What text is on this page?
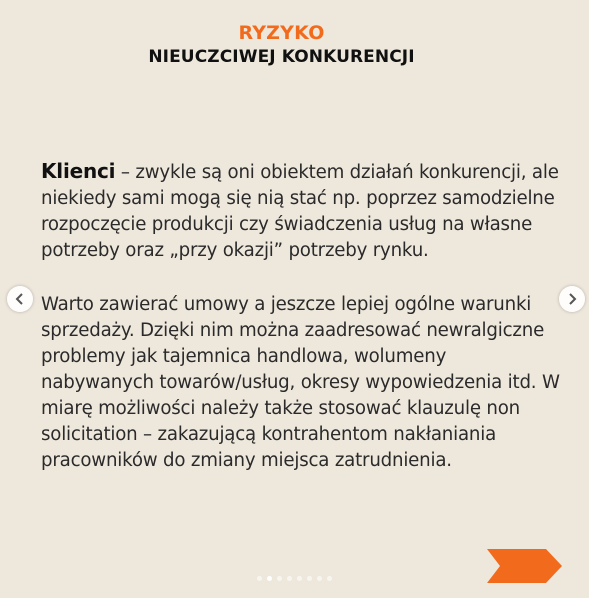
RYZYKO
NIEUCZCIWEJ KONKURENCJI

Klienci – zwykle są oni obiektem działań konkurencji, ale niekiedy sami mogą się nią stać np. poprzez samodzielne rozpoczęcie produkcji czy świadczenia usług na własne potrzeby oraz „przy okazji” potrzeby rynku.

Warto zawierać umowy a jeszcze lepiej ogólne warunki sprzedaży. Dzięki nim można zaadresować newralgiczne problemy jak tajemnica handlowa, wolumeny nabywanych towarów/usług, okresy wypowiedzenia itd. W miarę możliwości należy także stosować klauzulę non solicitation – zakazującą kontrahentom nakłaniania pracowników do zmiany miejsca zatrudnienia.
